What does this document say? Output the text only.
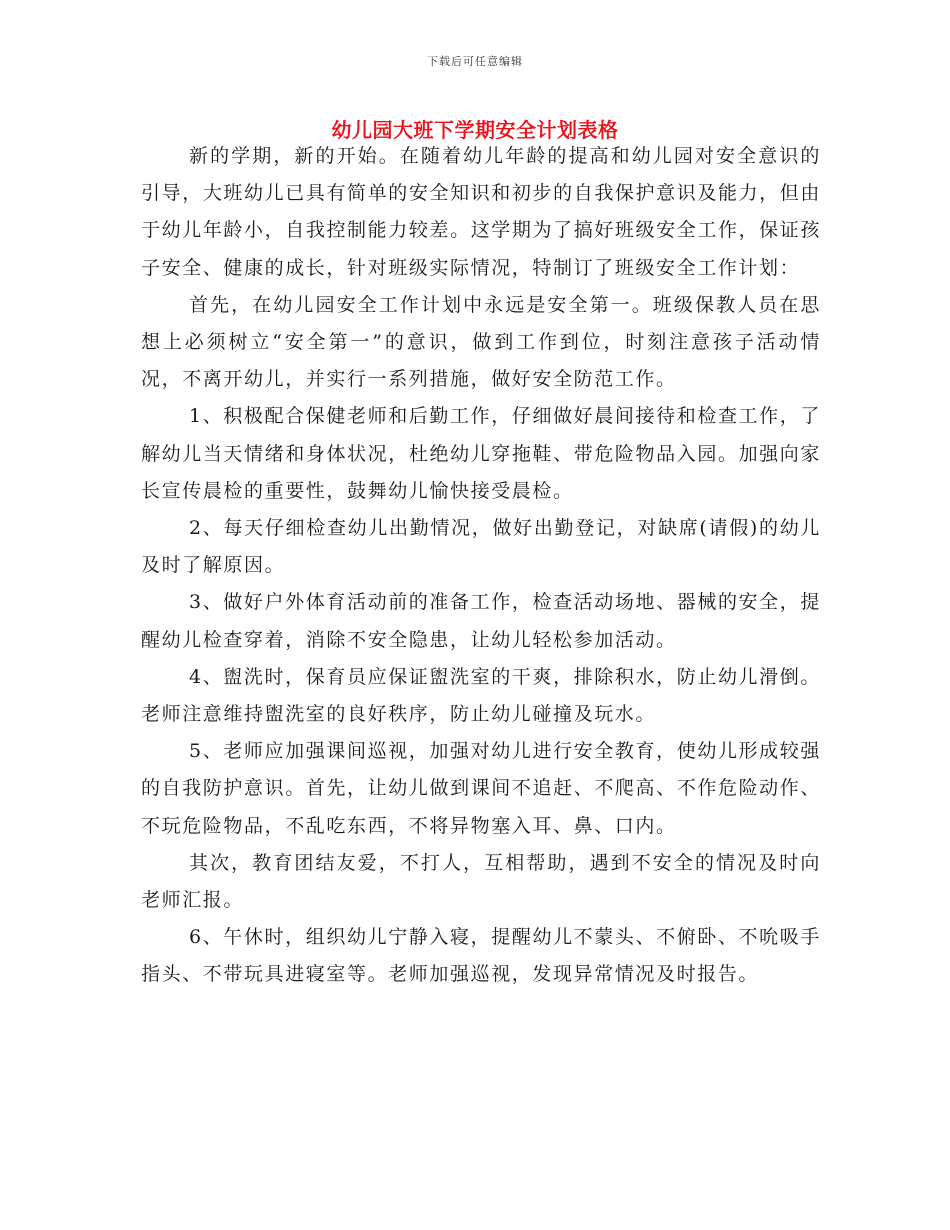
下载后可任意编辑
幼儿园大班下学期安全计划表格

新的学期，新的开始。在随着幼儿年龄的提高和幼儿园对安全意识的引导，大班幼儿已具有简单的安全知识和初步的自我保护意识及能力，但由于幼儿年龄小，自我控制能力较差。这学期为了搞好班级安全工作，保证孩子安全、健康的成长，针对班级实际情况，特制订了班级安全工作计划：

首先，在幼儿园安全工作计划中永远是安全第一。班级保教人员在思想上必须树立“安全第一”的意识，做到工作到位，时刻注意孩子活动情况，不离开幼儿，并实行一系列措施，做好安全防范工作。

1、积极配合保健老师和后勤工作，仔细做好晨间接待和检查工作，了解幼儿当天情绪和身体状况，杜绝幼儿穿拖鞋、带危险物品入园。加强向家长宣传晨检的重要性，鼓舞幼儿愉快接受晨检。

2、每天仔细检查幼儿出勤情况，做好出勤登记，对缺席(请假)的幼儿及时了解原因。

3、做好户外体育活动前的准备工作，检查活动场地、器械的安全，提醒幼儿检查穿着，消除不安全隐患，让幼儿轻松参加活动。

4、盥洗时，保育员应保证盥洗室的干爽，排除积水，防止幼儿滑倒。老师注意维持盥洗室的良好秩序，防止幼儿碰撞及玩水。

5、老师应加强课间巡视，加强对幼儿进行安全教育，使幼儿形成较强的自我防护意识。首先，让幼儿做到课间不追赶、不爬高、不作危险动作、不玩危险物品，不乱吃东西，不将异物塞入耳、鼻、口内。

其次，教育团结友爱，不打人，互相帮助，遇到不安全的情况及时向老师汇报。

6、午休时，组织幼儿宁静入寝，提醒幼儿不蒙头、不俯卧、不吮吸手指头、不带玩具进寝室等。老师加强巡视，发现异常情况及时报告。
